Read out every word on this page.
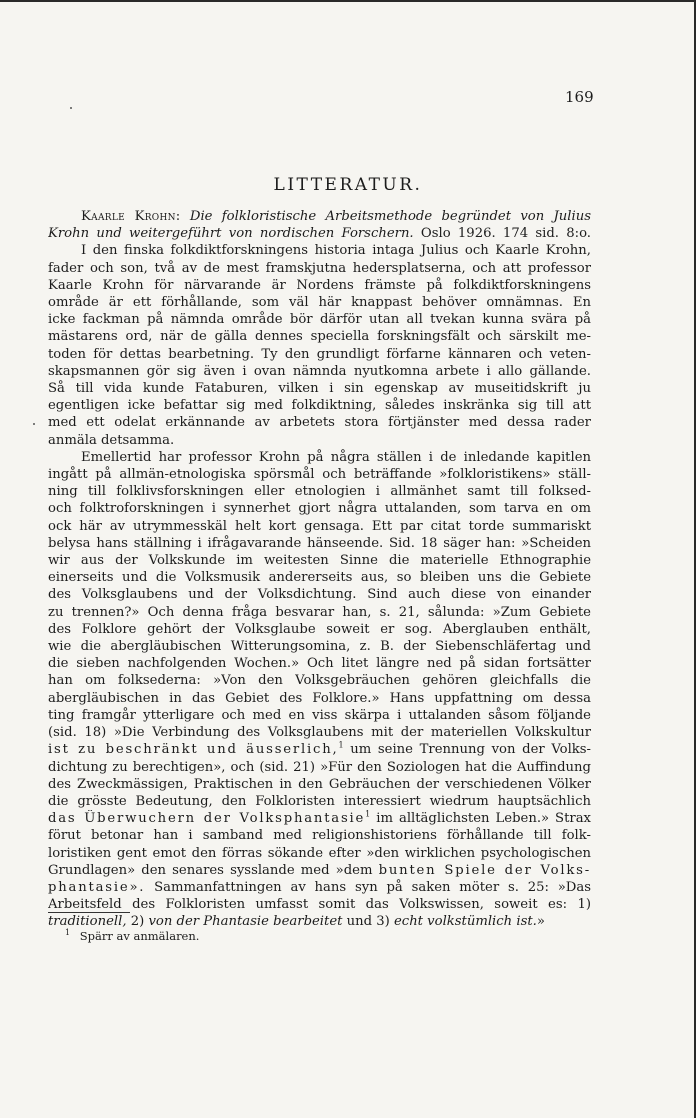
169
LITTERATUR.
Kaarle Krohn: Die folkloristische Arbeitsmethode begründet von Julius
Krohn und weitergeführt von nordischen Forschern. Oslo 1926. 174 sid. 8:o.
I den finska folkdiktforskningens historia intaga Julius och Kaarle Krohn,
fader och son, två av de mest framskjutna hedersplatserna, och att professor
Kaarle Krohn för närvarande är Nordens främste på folkdiktforskningens
område är ett förhållande, som väl här knappast behöver omnämnas. En
icke fackman på nämnda område bör därför utan all tvekan kunna svära på
mästarens ord, när de gälla dennes speciella forskningsfält och särskilt me-
toden för dettas bearbetning. Ty den grundligt förfarne kännaren och veten-
skapsmannen gör sig även i ovan nämnda nyutkomna arbete i allo gällande.
Så till vida kunde Fataburen, vilken i sin egenskap av museitidskrift ju
egentligen icke befattar sig med folkdiktning, således inskränka sig till att
med ett odelat erkännande av arbetets stora förtjänster med dessa rader
anmäla detsamma.
Emellertid har professor Krohn på några ställen i de inledande kapitlen
ingått på allmän-etnologiska spörsmål och beträffande »folkloristikens» ställ-
ning till folklivsforskningen eller etnologien i allmänhet samt till folksed-
och folktroforskningen i synnerhet gjort några uttalanden, som tarva en om
ock här av utrymmesskäl helt kort gensaga. Ett par citat torde summariskt
belysa hans ställning i ifrågavarande hänseende. Sid. 18 säger han: »Scheiden
wir aus der Volkskunde im weitesten Sinne die materielle Ethnographie
einerseits und die Volksmusik andererseits aus, so bleiben uns die Gebiete
des Volksglaubens und der Volksdichtung. Sind auch diese von einander
zu trennen?» Och denna fråga besvarar han, s. 21, sålunda: »Zum Gebiete
des Folklore gehört der Volksglaube soweit er sog. Aberglauben enthält,
wie die abergläubischen Witterungsomina, z. B. der Siebenschläfertag und
die sieben nachfolgenden Wochen.» Och litet längre ned på sidan fortsätter
han om folksederna: »Von den Volksgebräuchen gehören gleichfalls die
abergläubischen in das Gebiet des Folklore.» Hans uppfattning om dessa
ting framgår ytterligare och med en viss skärpa i uttalanden såsom följande
(sid. 18) »Die Verbindung des Volksglaubens mit der materiellen Volkskultur
ist zu beschränkt und äusserlich,$^1$ um seine Trennung von der Volks-
dichtung zu berechtigen», och (sid. 21) »Für den Soziologen hat die Auffindung
des Zweckmässigen, Praktischen in den Gebräuchen der verschiedenen Völker
die grösste Bedeutung, den Folkloristen interessiert wiedrum hauptsächlich
das Überwuchern der Volksphantasie$^1$ im alltäglichsten Leben.» Strax
förut betonar han i samband med religionshistoriens förhållande till folk-
loristiken gent emot den förras sökande efter »den wirklichen psychologischen
Grundlagen» den senares sysslande med »dem bunten Spiele der Volks-
phantasie». Sammanfattningen av hans syn på saken möter s. 25: »Das
Arbeitsfeld des Folkloristen umfasst somit das Volkswissen, soweit es: 1)
traditionell, 2) von der Phantasie bearbeitet und 3) echt volkstümlich ist.»
$^1$ Spärr av anmälaren.
